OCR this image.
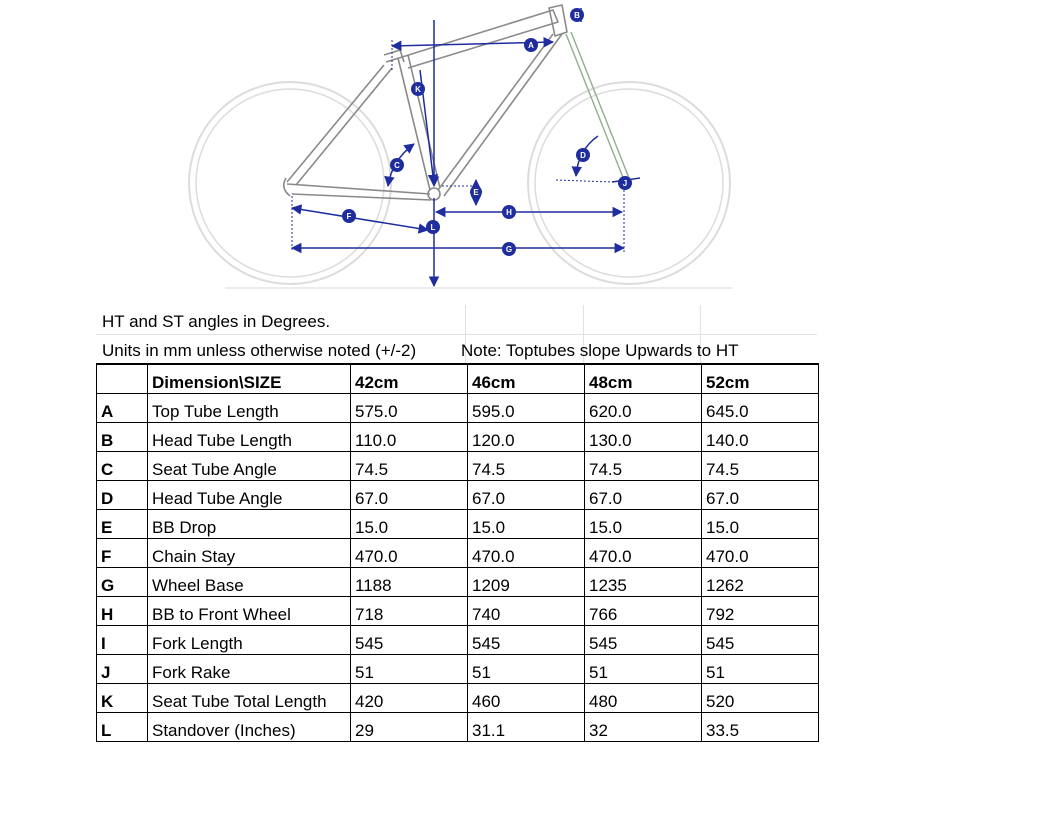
A
B
C
D
E
F
G
H
K
L
J
HT and ST angles in Degrees.
Units in mm unless otherwise noted (+/-2)	Note: Toptubes slope Upwards to HT
	Dimension\SIZE	42cm	46cm	48cm	52cm
A	Top Tube Length	575.0	595.0	620.0	645.0
B	Head Tube Length	110.0	120.0	130.0	140.0
C	Seat Tube Angle	74.5	74.5	74.5	74.5
D	Head Tube Angle	67.0	67.0	67.0	67.0
E	BB Drop	15.0	15.0	15.0	15.0
F	Chain Stay	470.0	470.0	470.0	470.0
G	Wheel Base	1188	1209	1235	1262
H	BB to Front Wheel	718	740	766	792
I	Fork Length	545	545	545	545
J	Fork Rake	51	51	51	51
K	Seat Tube Total Length	420	460	480	520
L	Standover (Inches)	29	31.1	32	33.5
